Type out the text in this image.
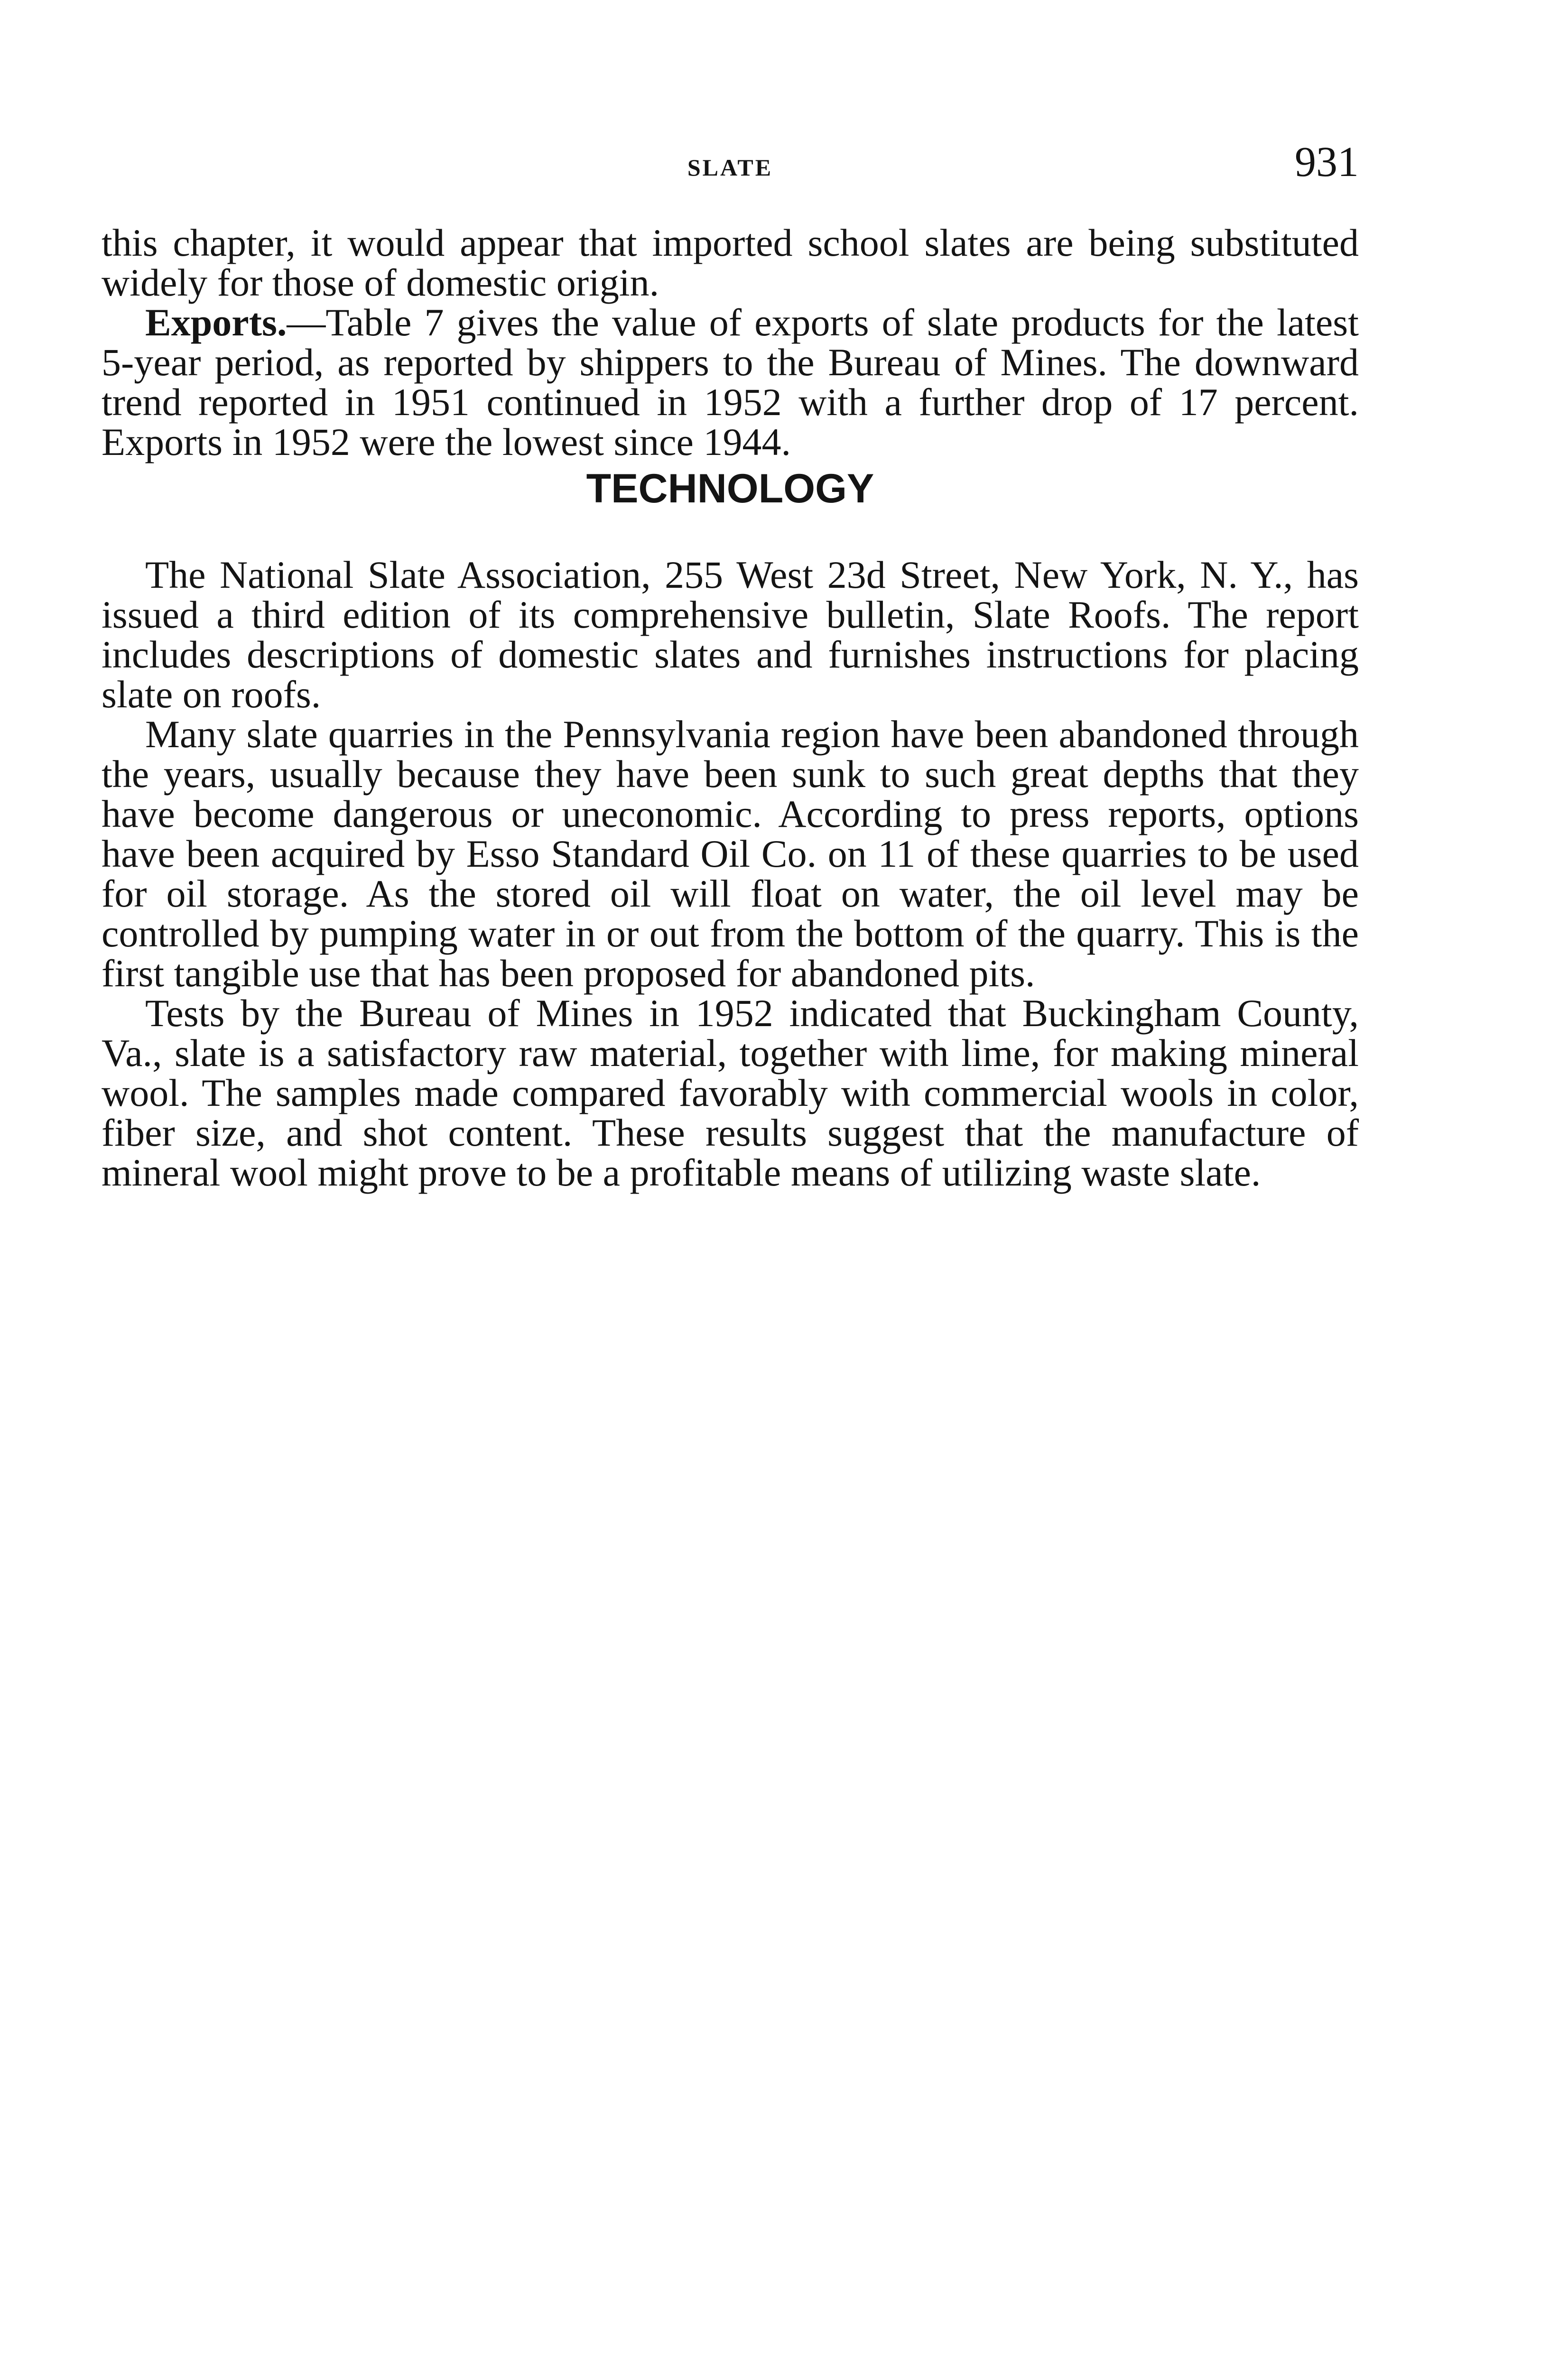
SLATE	931

this chapter, it would appear that imported school slates are being substituted widely for those of domestic origin.

Exports.—Table 7 gives the value of exports of slate products for the latest 5-year period, as reported by shippers to the Bureau of Mines. The downward trend reported in 1951 continued in 1952 with a further drop of 17 percent. Exports in 1952 were the lowest since 1944.

TECHNOLOGY

The National Slate Association, 255 West 23d Street, New York, N. Y., has issued a third edition of its comprehensive bulletin, Slate Roofs. The report includes descriptions of domestic slates and furnishes instructions for placing slate on roofs.

Many slate quarries in the Pennsylvania region have been abandoned through the years, usually because they have been sunk to such great depths that they have become dangerous or uneconomic. According to press reports, options have been acquired by Esso Standard Oil Co. on 11 of these quarries to be used for oil storage. As the stored oil will float on water, the oil level may be controlled by pumping water in or out from the bottom of the quarry. This is the first tangible use that has been proposed for abandoned pits.

Tests by the Bureau of Mines in 1952 indicated that Buckingham County, Va., slate is a satisfactory raw material, together with lime, for making mineral wool. The samples made compared favorably with commercial wools in color, fiber size, and shot content. These results suggest that the manufacture of mineral wool might prove to be a profitable means of utilizing waste slate.
